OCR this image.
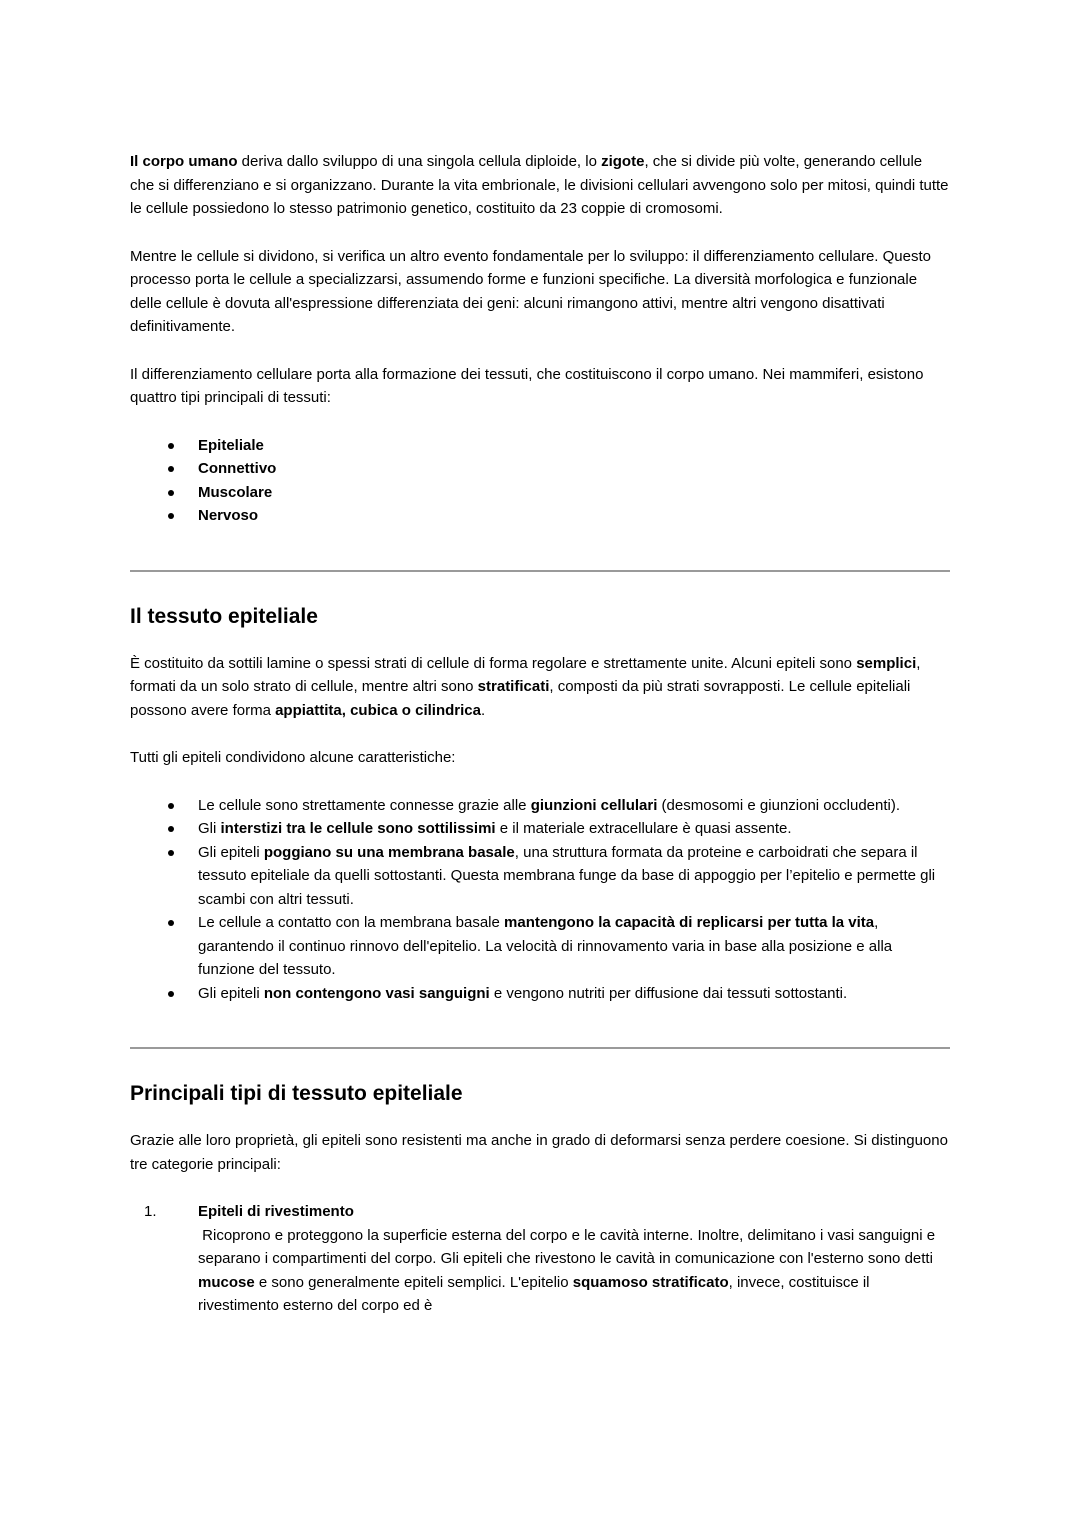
Il corpo umano deriva dallo sviluppo di una singola cellula diploide, lo zigote, che si divide più volte, generando cellule che si differenziano e si organizzano. Durante la vita embrionale, le divisioni cellulari avvengono solo per mitosi, quindi tutte le cellule possiedono lo stesso patrimonio genetico, costituito da 23 coppie di cromosomi.

Mentre le cellule si dividono, si verifica un altro evento fondamentale per lo sviluppo: il differenziamento cellulare. Questo processo porta le cellule a specializzarsi, assumendo forme e funzioni specifiche. La diversità morfologica e funzionale delle cellule è dovuta all'espressione differenziata dei geni: alcuni rimangono attivi, mentre altri vengono disattivati definitivamente.

Il differenziamento cellulare porta alla formazione dei tessuti, che costituiscono il corpo umano. Nei mammiferi, esistono quattro tipi principali di tessuti:

Epiteliale
Connettivo
Muscolare
Nervoso
Il tessuto epiteliale

È costituito da sottili lamine o spessi strati di cellule di forma regolare e strettamente unite. Alcuni epiteli sono semplici, formati da un solo strato di cellule, mentre altri sono stratificati, composti da più strati sovrapposti. Le cellule epiteliali possono avere forma appiattita, cubica o cilindrica.

Tutti gli epiteli condividono alcune caratteristiche:

Le cellule sono strettamente connesse grazie alle giunzioni cellulari (desmosomi e giunzioni occludenti).
Gli interstizi tra le cellule sono sottilissimi e il materiale extracellulare è quasi assente.
Gli epiteli poggiano su una membrana basale, una struttura formata da proteine e carboidrati che separa il tessuto epiteliale da quelli sottostanti. Questa membrana funge da base di appoggio per l’epitelio e permette gli scambi con altri tessuti.
Le cellule a contatto con la membrana basale mantengono la capacità di replicarsi per tutta la vita, garantendo il continuo rinnovo dell'epitelio. La velocità di rinnovamento varia in base alla posizione e alla funzione del tessuto.
Gli epiteli non contengono vasi sanguigni e vengono nutriti per diffusione dai tessuti sottostanti.
Principali tipi di tessuto epiteliale

Grazie alle loro proprietà, gli epiteli sono resistenti ma anche in grado di deformarsi senza perdere coesione. Si distinguono tre categorie principali:

1.	Epiteli di rivestimento
Ricoprono e proteggono la superficie esterna del corpo e le cavità interne. Inoltre, delimitano i vasi sanguigni e separano i compartimenti del corpo. Gli epiteli che rivestono le cavità in comunicazione con l'esterno sono detti mucose e sono generalmente epiteli semplici. L'epitelio squamoso stratificato, invece, costituisce il rivestimento esterno del corpo ed è
